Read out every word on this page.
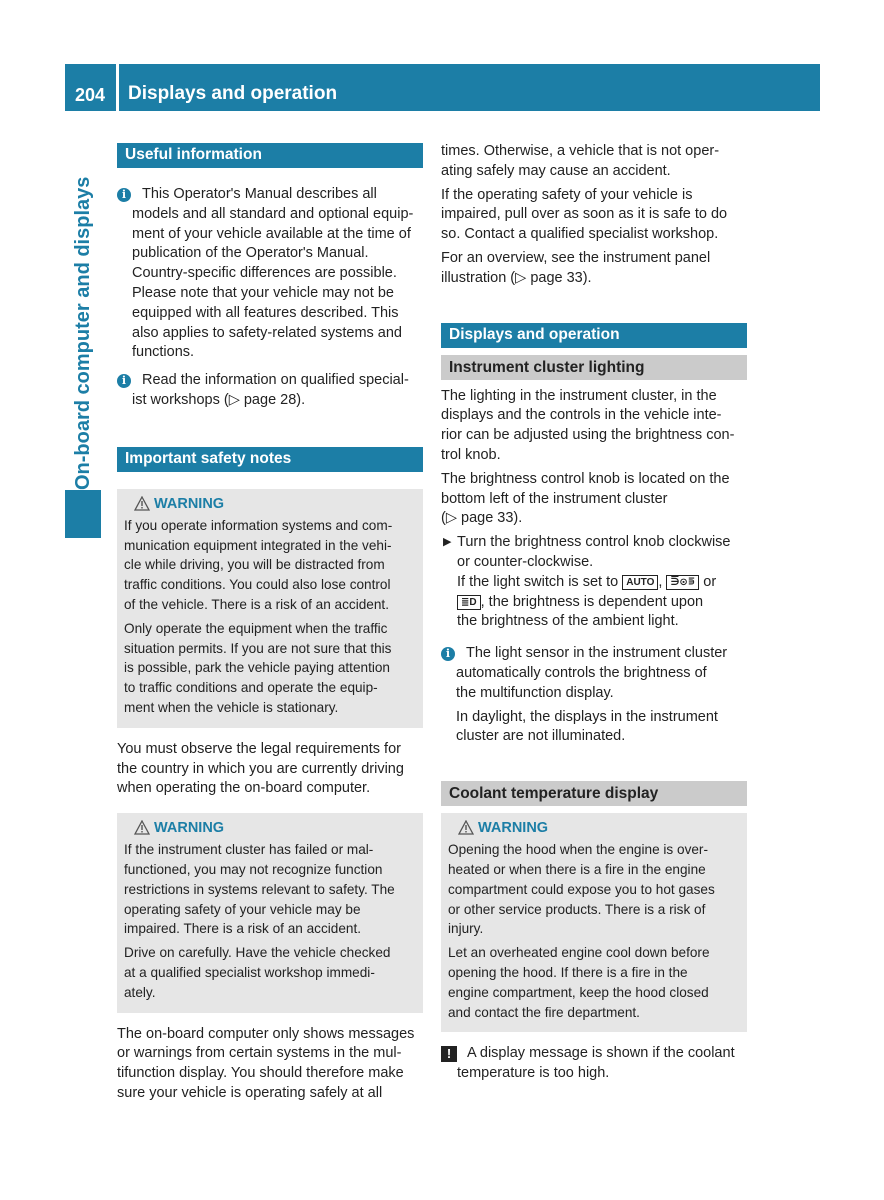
204 Displays and operation
On-board computer and displays
Useful information
i	This Operator's Manual describes all

models and all standard and optional equip-

ment of your vehicle available at the time of

publication of the Operator's Manual.

Country-specific differences are possible.

Please note that your vehicle may not be

equipped with all features described. This

also applies to safety-related systems and

functions.

i	Read the information on qualified special-

ist workshops (▷ page 28).

Important safety notes
WARNING

If you operate information systems and com-
munication equipment integrated in the vehi-
cle while driving, you will be distracted from
traffic conditions. You could also lose control
of the vehicle. There is a risk of an accident.

Only operate the equipment when the traffic
situation permits. If you are not sure that this
is possible, park the vehicle paying attention
to traffic conditions and operate the equip-
ment when the vehicle is stationary.

You must observe the legal requirements for
the country in which you are currently driving
when operating the on-board computer.

WARNING

If the instrument cluster has failed or mal-
functioned, you may not recognize function
restrictions in systems relevant to safety. The
operating safety of your vehicle may be
impaired. There is a risk of an accident.

Drive on carefully. Have the vehicle checked
at a qualified specialist workshop immedi-
ately.

The on-board computer only shows messages
or warnings from certain systems in the mul-
tifunction display. You should therefore make
sure your vehicle is operating safely at all

times. Otherwise, a vehicle that is not oper-
ating safely may cause an accident.

If the operating safety of your vehicle is
impaired, pull over as soon as it is safe to do
so. Contact a qualified specialist workshop.

For an overview, see the instrument panel
illustration (▷ page 33).

Displays and operation
Instrument cluster lighting

The lighting in the instrument cluster, in the
displays and the controls in the vehicle inte-
rior can be adjusted using the brightness con-
trol knob.

The brightness control knob is located on the
bottom left of the instrument cluster
(▷ page 33).

▶ Turn the brightness control knob clockwise
or counter-clockwise.
If the light switch is set to AUTO , ⋽⊙⋾ or
≣D , the brightness is dependent upon
the brightness of the ambient light.
i	The light sensor in the instrument cluster

automatically controls the brightness of

the multifunction display.

In daylight, the displays in the instrument

cluster are not illuminated.

Coolant temperature display
WARNING

Opening the hood when the engine is over-
heated or when there is a fire in the engine
compartment could expose you to hot gases
or other service products. There is a risk of
injury.

Let an overheated engine cool down before
opening the hood. If there is a fire in the
engine compartment, keep the hood closed
and contact the fire department.

!	A display message is shown if the coolant
temperature is too high.
